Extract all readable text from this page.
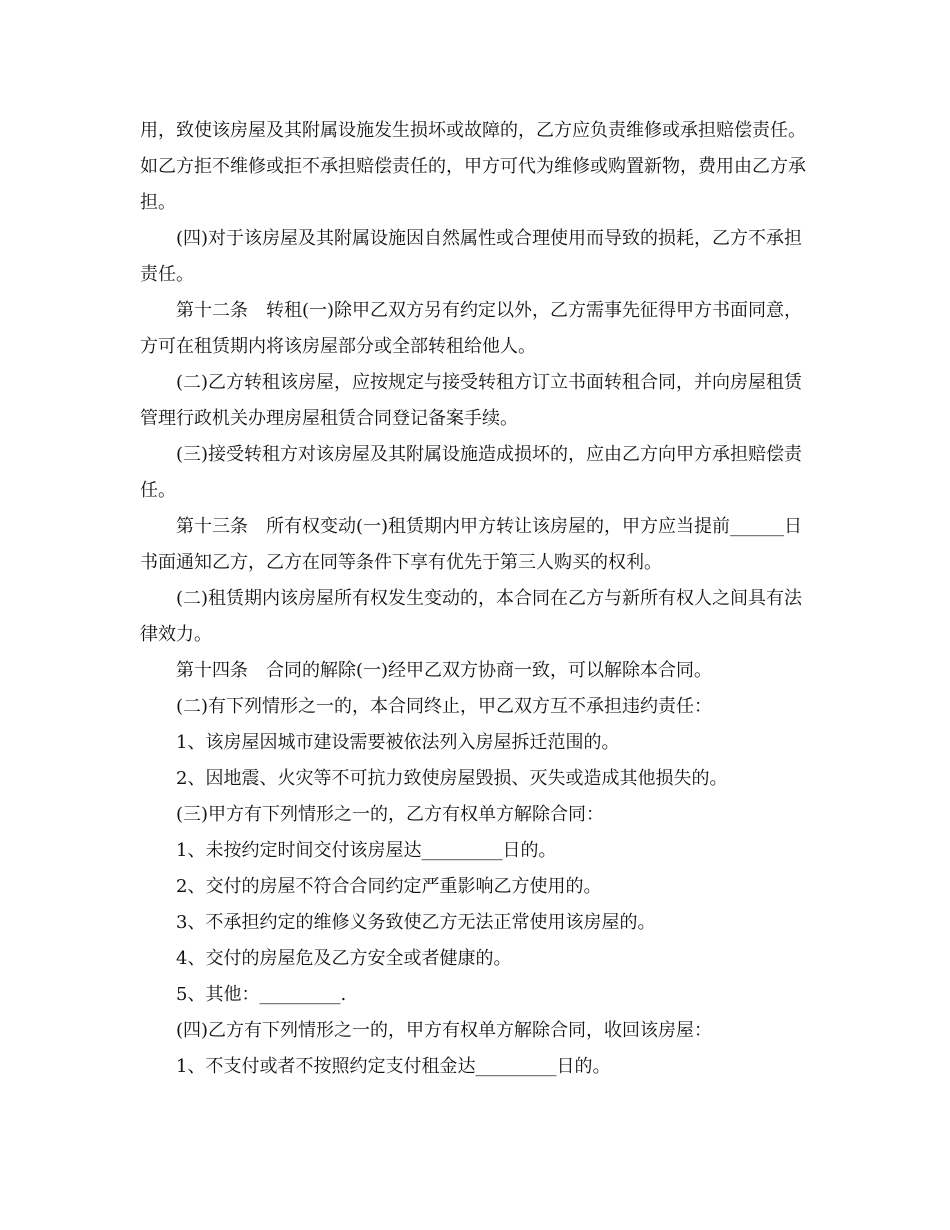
用，致使该房屋及其附属设施发生损坏或故障的，乙方应负责维修或承担赔偿责任。如乙方拒不维修或拒不承担赔偿责任的，甲方可代为维修或购置新物，费用由乙方承担。

(四)对于该房屋及其附属设施因自然属性或合理使用而导致的损耗，乙方不承担责任。

第十二条　转租(一)除甲乙双方另有约定以外，乙方需事先征得甲方书面同意，方可在租赁期内将该房屋部分或全部转租给他人。

(二)乙方转租该房屋，应按规定与接受转租方订立书面转租合同，并向房屋租赁管理行政机关办理房屋租赁合同登记备案手续。

(三)接受转租方对该房屋及其附属设施造成损坏的，应由乙方向甲方承担赔偿责任。

第十三条　所有权变动(一)租赁期内甲方转让该房屋的，甲方应当提前______日书面通知乙方，乙方在同等条件下享有优先于第三人购买的权利。

(二)租赁期内该房屋所有权发生变动的，本合同在乙方与新所有权人之间具有法律效力。

第十四条　合同的解除(一)经甲乙双方协商一致，可以解除本合同。

(二)有下列情形之一的，本合同终止，甲乙双方互不承担违约责任：

1、该房屋因城市建设需要被依法列入房屋拆迁范围的。

2、因地震、火灾等不可抗力致使房屋毁损、灭失或造成其他损失的。

(三)甲方有下列情形之一的，乙方有权单方解除合同：

1、未按约定时间交付该房屋达_________日的。

2、交付的房屋不符合合同约定严重影响乙方使用的。

3、不承担约定的维修义务致使乙方无法正常使用该房屋的。

4、交付的房屋危及乙方安全或者健康的。

5、其他：_________.

(四)乙方有下列情形之一的，甲方有权单方解除合同，收回该房屋：

1、不支付或者不按照约定支付租金达_________日的。
